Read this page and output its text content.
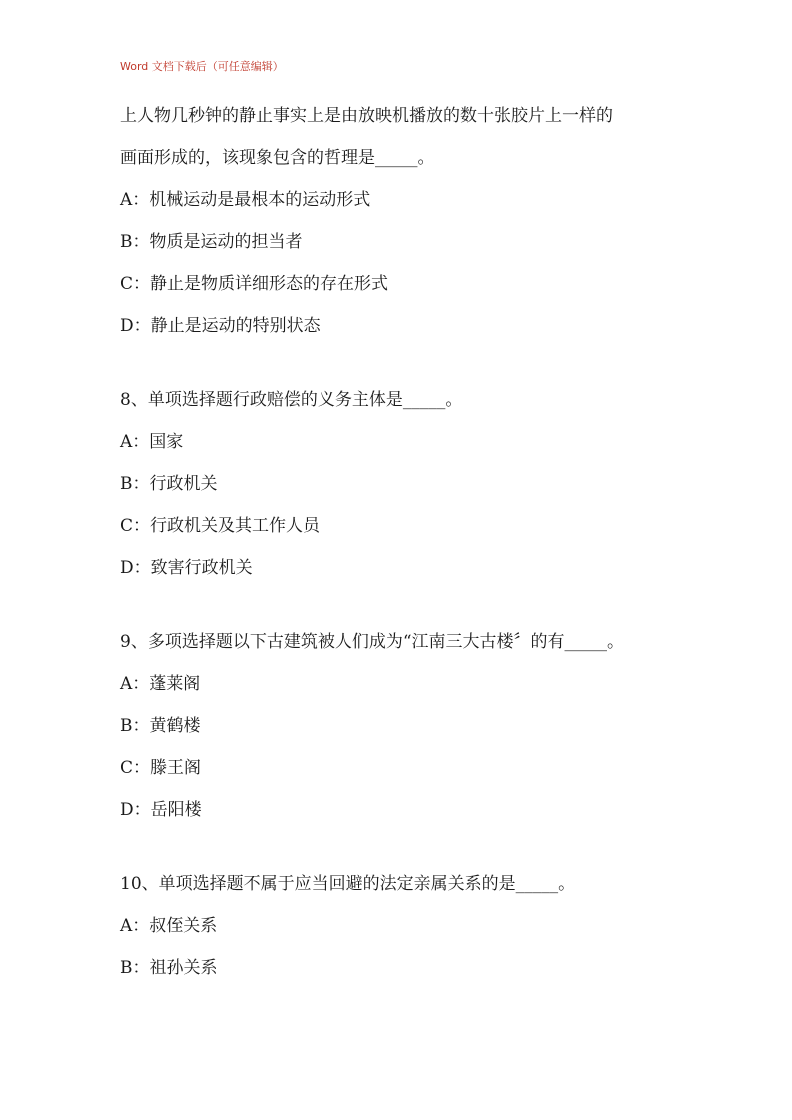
Word 文档下载后（可任意编辑）
上人物几秒钟的静止事实上是由放映机播放的数十张胶片上一样的
画面形成的，该现象包含的哲理是_____。
A：机械运动是最根本的运动形式
B：物质是运动的担当者
C：静止是物质详细形态的存在形式
D：静止是运动的特别状态
8、单项选择题行政赔偿的义务主体是_____。
A：国家
B：行政机关
C：行政机关及其工作人员
D：致害行政机关
9、多项选择题以下古建筑被人们成为“江南三大古楼〞的有_____。
A：蓬莱阁
B：黄鹤楼
C：滕王阁
D：岳阳楼
10、单项选择题不属于应当回避的法定亲属关系的是_____。
A：叔侄关系
B：祖孙关系
